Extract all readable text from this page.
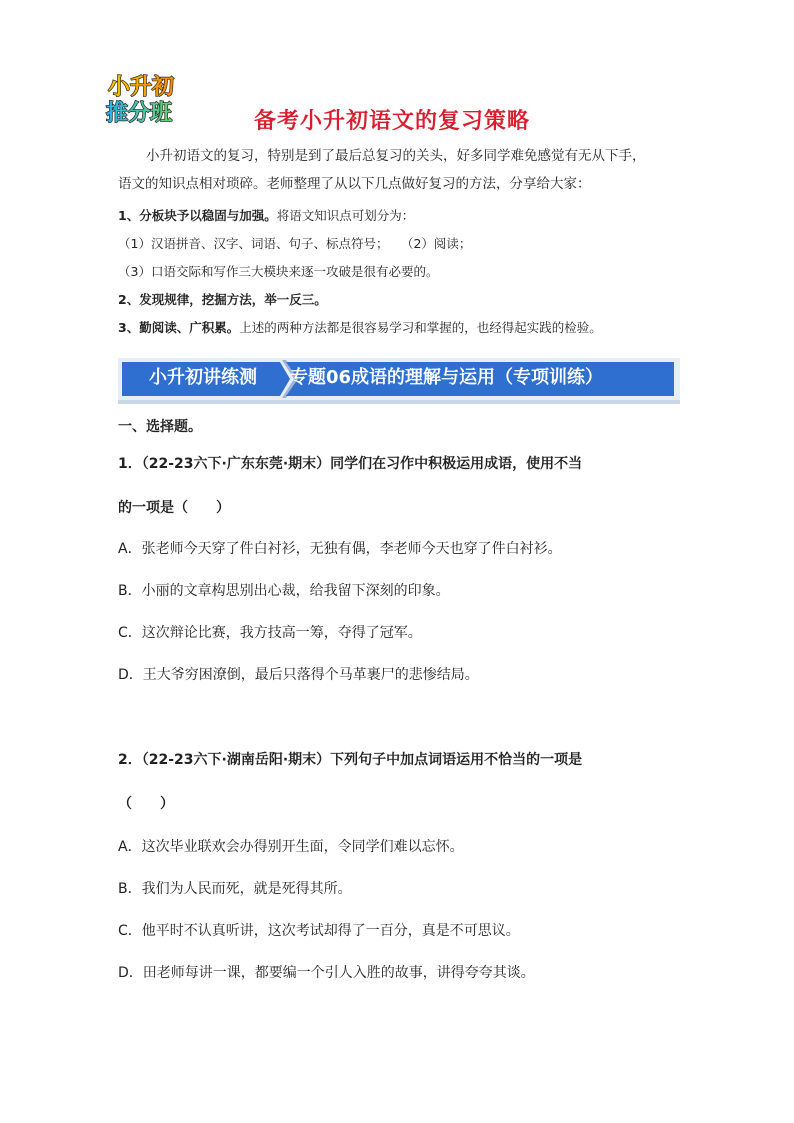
小升初
推分班	备考小升初语文的复习策略

小升初语文的复习，特别是到了最后总复习的关头，好多同学难免感觉有无从下手，

语文的知识点相对琐碎。老师整理了从以下几点做好复习的方法，分享给大家：

1、分板块予以稳固与加强。将语文知识点可划分为：

（1）汉语拼音、汉字、词语、句子、标点符号；　　（2）阅读；

（3）口语交际和写作三大模块来逐一攻破是很有必要的。

2、发现规律，挖掘方法，举一反三。

3、勤阅读、广积累。上述的两种方法都是很容易学习和掌握的，也经得起实践的检验。

小升初讲练测	专题06成语的理解与运用（专项训练）
一、选择题。

1．（22-23六下·广东东莞·期末）同学们在习作中积极运用成语，使用不当

的一项是（　　）

A．张老师今天穿了件白衬衫，无独有偶，李老师今天也穿了件白衬衫。
B．小丽的文章构思别出心裁，给我留下深刻的印象。
C．这次辩论比赛，我方技高一筹，夺得了冠军。
D．王大爷穷困潦倒，最后只落得个马革裹尸的悲惨结局。

2．（22-23六下·湖南岳阳·期末）下列句子中加点词语运用不恰当的一项是

（　　）

A．这次毕业联欢会办得别开生面，令同学们难以忘怀。
B．我们为人民而死，就是死得其所。
C．他平时不认真听讲，这次考试却得了一百分，真是不可思议。
D．田老师每讲一课，都要编一个引人入胜的故事，讲得夸夸其谈。
